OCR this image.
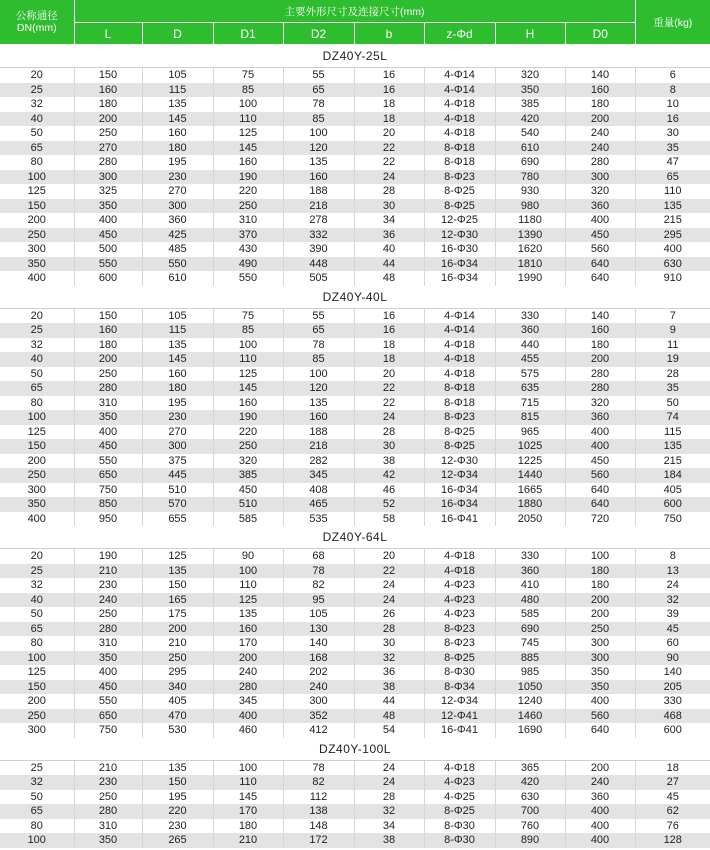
公称通径
DN(mm)	主要外形尺寸及连接尺寸(mm)								重量(kg)
	L	D	D1	D2	b	z-Φd	H	D0	
DZ40Y-25L									
20	150	105	75	55	16	4-Φ14	320	140	6
25	160	115	85	65	16	4-Φ14	350	160	8
32	180	135	100	78	18	4-Φ18	385	180	10
40	200	145	110	85	18	4-Φ18	420	200	16
50	250	160	125	100	20	4-Φ18	540	240	30
65	270	180	145	120	22	8-Φ18	610	240	35
80	280	195	160	135	22	8-Φ18	690	280	47
100	300	230	190	160	24	8-Φ23	780	300	65
125	325	270	220	188	28	8-Φ25	930	320	110
150	350	300	250	218	30	8-Φ25	980	360	135
200	400	360	310	278	34	12-Φ25	1180	400	215
250	450	425	370	332	36	12-Φ30	1390	450	295
300	500	485	430	390	40	16-Φ30	1620	560	400
350	550	550	490	448	44	16-Φ34	1810	640	630
400	600	610	550	505	48	16-Φ34	1990	640	910
DZ40Y-40L									
20	150	105	75	55	16	4-Φ14	330	140	7
25	160	115	85	65	16	4-Φ14	360	160	9
32	180	135	100	78	18	4-Φ18	440	180	11
40	200	145	110	85	18	4-Φ18	455	200	19
50	250	160	125	100	20	4-Φ18	575	280	28
65	280	180	145	120	22	8-Φ18	635	280	35
80	310	195	160	135	22	8-Φ18	715	320	50
100	350	230	190	160	24	8-Φ23	815	360	74
125	400	270	220	188	28	8-Φ25	965	400	115
150	450	300	250	218	30	8-Φ25	1025	400	135
200	550	375	320	282	38	12-Φ30	1225	450	215
250	650	445	385	345	42	12-Φ34	1440	560	184
300	750	510	450	408	46	16-Φ34	1665	640	405
350	850	570	510	465	52	16-Φ34	1880	640	600
400	950	655	585	535	58	16-Φ41	2050	720	750
DZ40Y-64L									
20	190	125	90	68	20	4-Φ18	330	100	8
25	210	135	100	78	22	4-Φ18	360	180	13
32	230	150	110	82	24	4-Φ23	410	180	24
40	240	165	125	95	24	4-Φ23	480	200	32
50	250	175	135	105	26	4-Φ23	585	200	39
65	280	200	160	130	28	8-Φ23	690	250	45
80	310	210	170	140	30	8-Φ23	745	300	60
100	350	250	200	168	32	8-Φ25	885	300	90
125	400	295	240	202	36	8-Φ30	985	350	140
150	450	340	280	240	38	8-Φ34	1050	350	205
200	550	405	345	300	44	12-Φ34	1240	400	330
250	650	470	400	352	48	12-Φ41	1460	560	468
300	750	530	460	412	54	16-Φ41	1690	640	600
DZ40Y-100L									
25	210	135	100	78	24	4-Φ18	365	200	18
32	230	150	110	82	24	4-Φ23	420	240	27
50	250	195	145	112	28	4-Φ25	630	360	45
65	280	220	170	138	32	8-Φ25	700	400	62
80	310	230	180	148	34	8-Φ30	760	400	76
100	350	265	210	172	38	8-Φ30	890	400	128
